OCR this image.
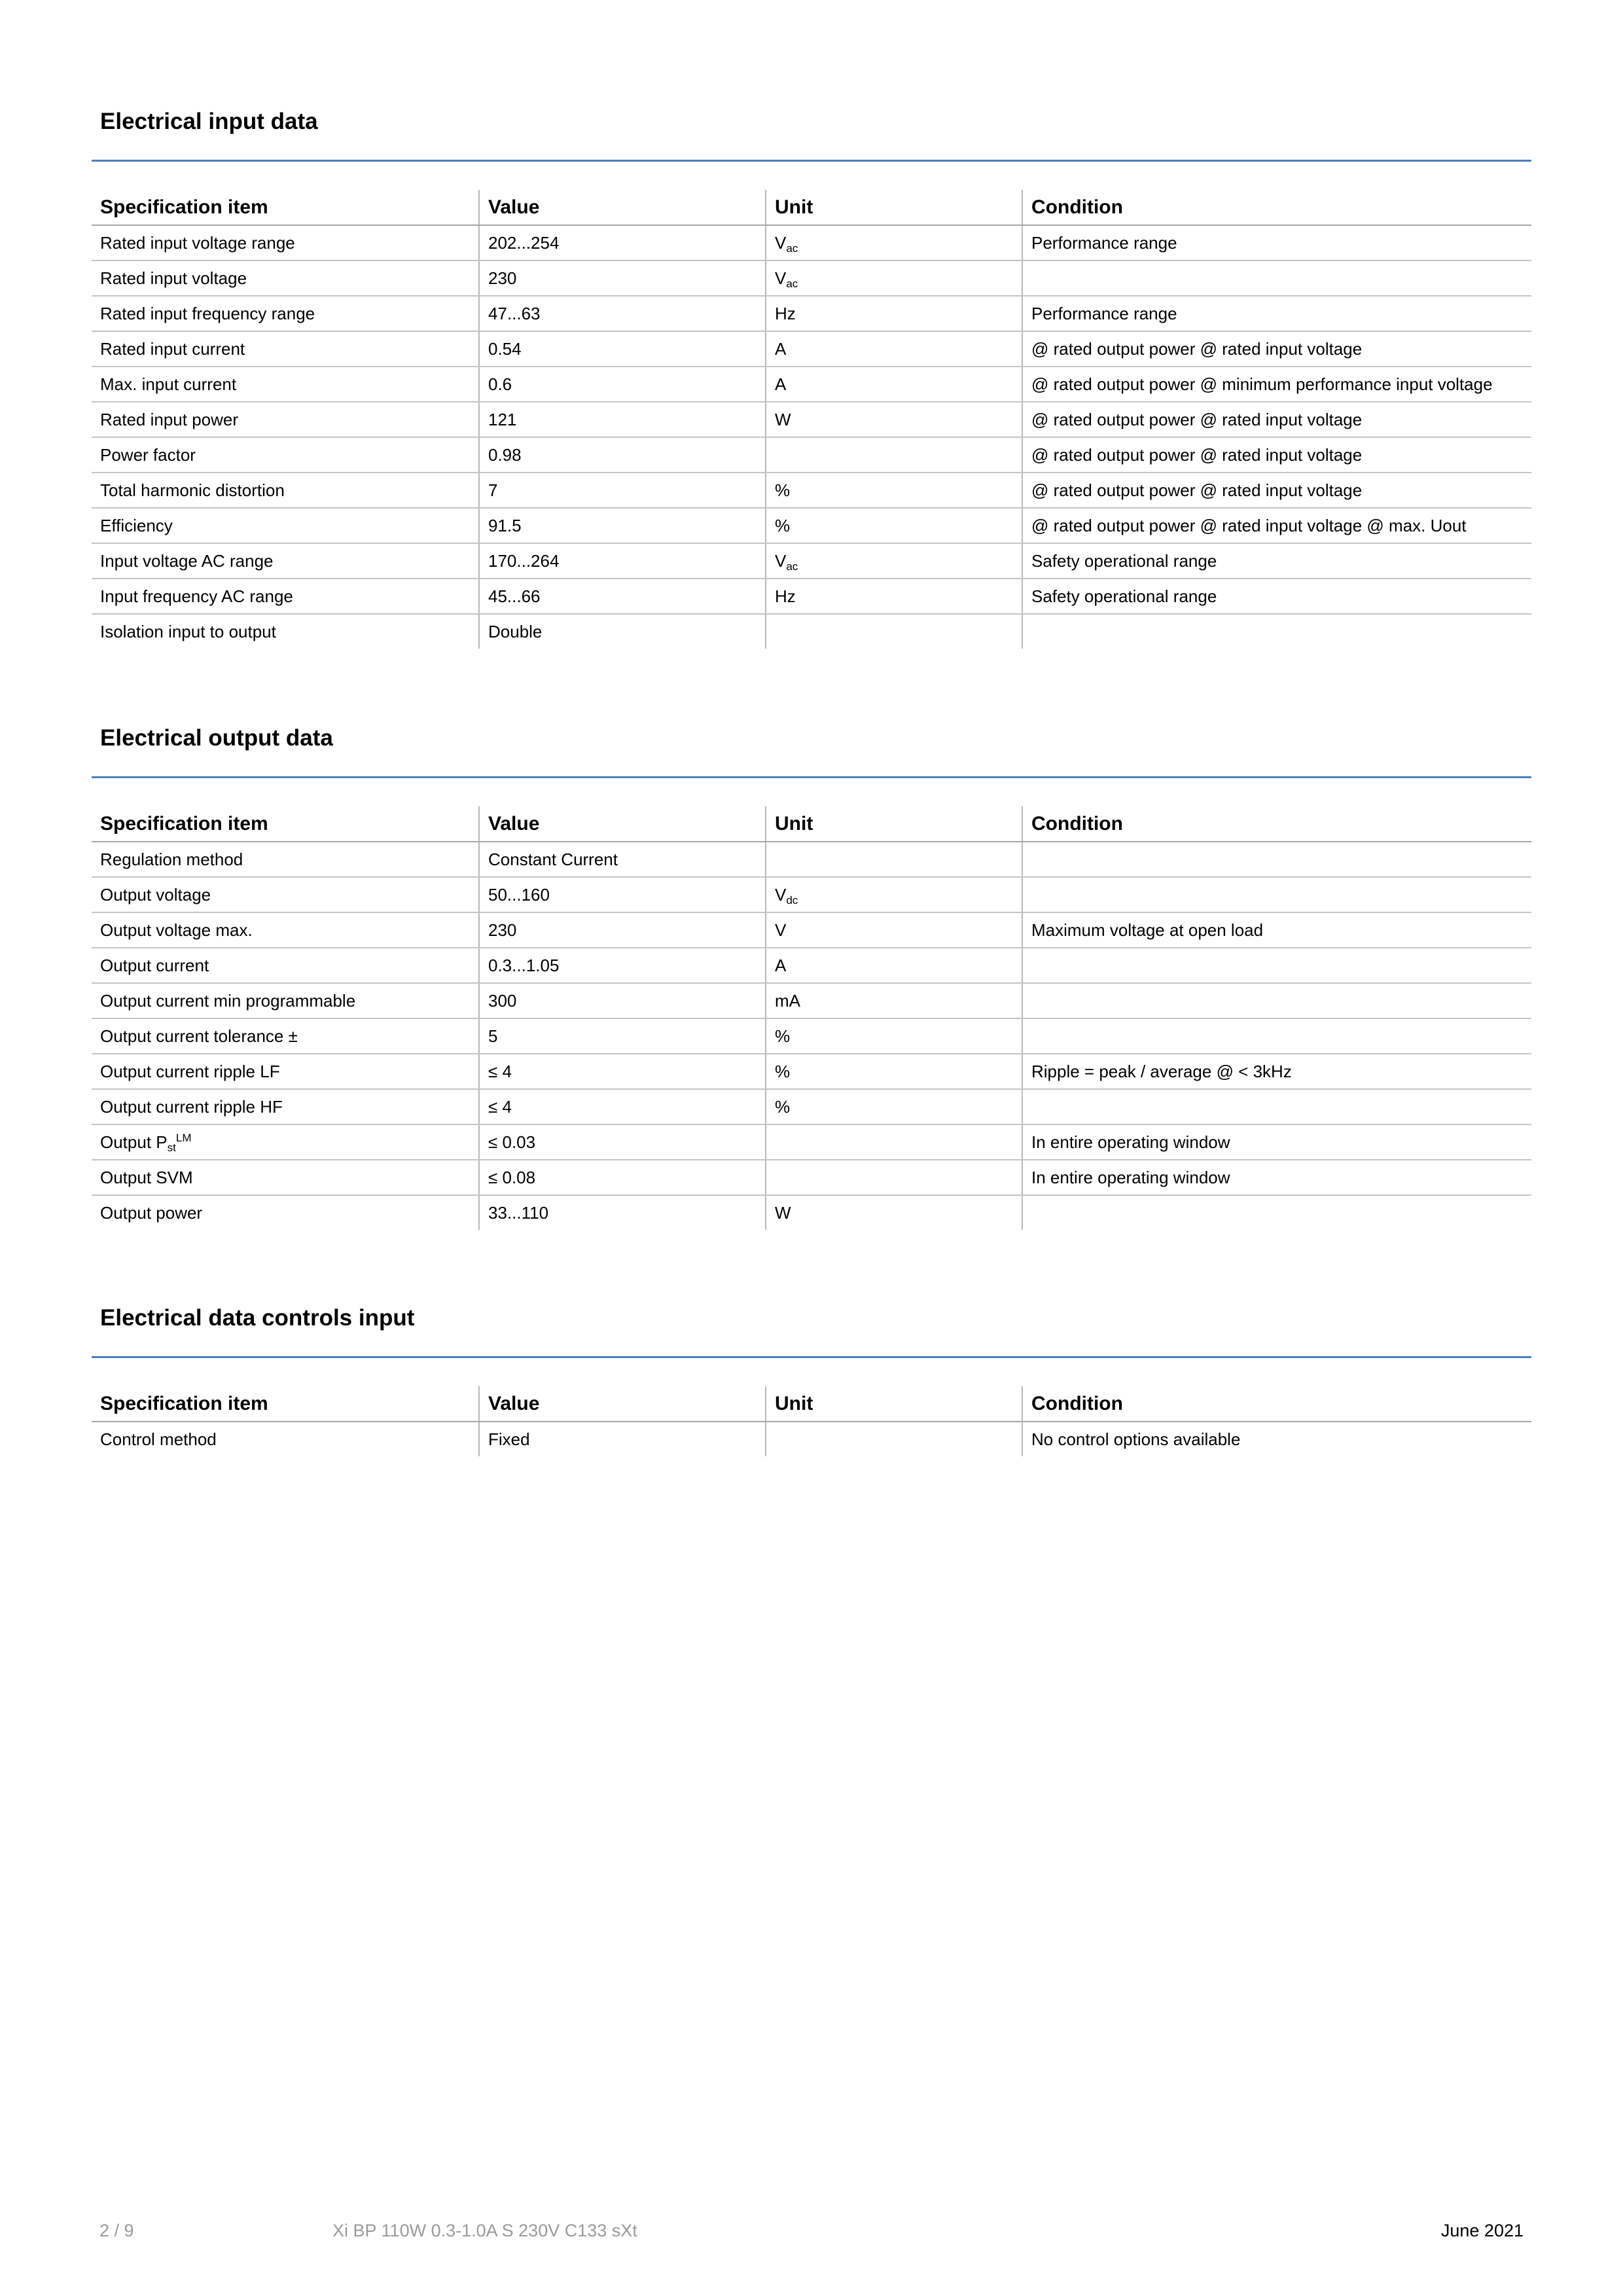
Electrical input data
Specification item	Value	Unit	Condition
Rated input voltage range	202...254	Vac	Performance range
Rated input voltage	230	Vac	
Rated input frequency range	47...63	Hz	Performance range
Rated input current	0.54	A	@ rated output power @ rated input voltage
Max. input current	0.6	A	@ rated output power @ minimum performance input voltage
Rated input power	121	W	@ rated output power @ rated input voltage
Power factor	0.98		@ rated output power @ rated input voltage
Total harmonic distortion	7	%	@ rated output power @ rated input voltage
Efficiency	91.5	%	@ rated output power @ rated input voltage @ max. Uout
Input voltage AC range	170...264	Vac	Safety operational range
Input frequency AC range	45...66	Hz	Safety operational range
Isolation input to output	Double		
Electrical output data
Specification item	Value	Unit	Condition
Regulation method	Constant Current		
Output voltage	50...160	Vdc	
Output voltage max.	230	V	Maximum voltage at open load
Output current	0.3...1.05	A	
Output current min programmable	300	mA	
Output current tolerance ±	5	%	
Output current ripple LF	≤ 4	%	Ripple = peak / average @ < 3kHz
Output current ripple HF	≤ 4	%	
Output Pst$^{LM}$	≤ 0.03		In entire operating window
Output SVM	≤ 0.08		In entire operating window
Output power	33...110	W	
Electrical data controls input
Specification item	Value	Unit	Condition
Control method	Fixed		No control options available
2 / 9	Xi BP 110W 0.3-1.0A S 230V C133 sXt	June 2021
